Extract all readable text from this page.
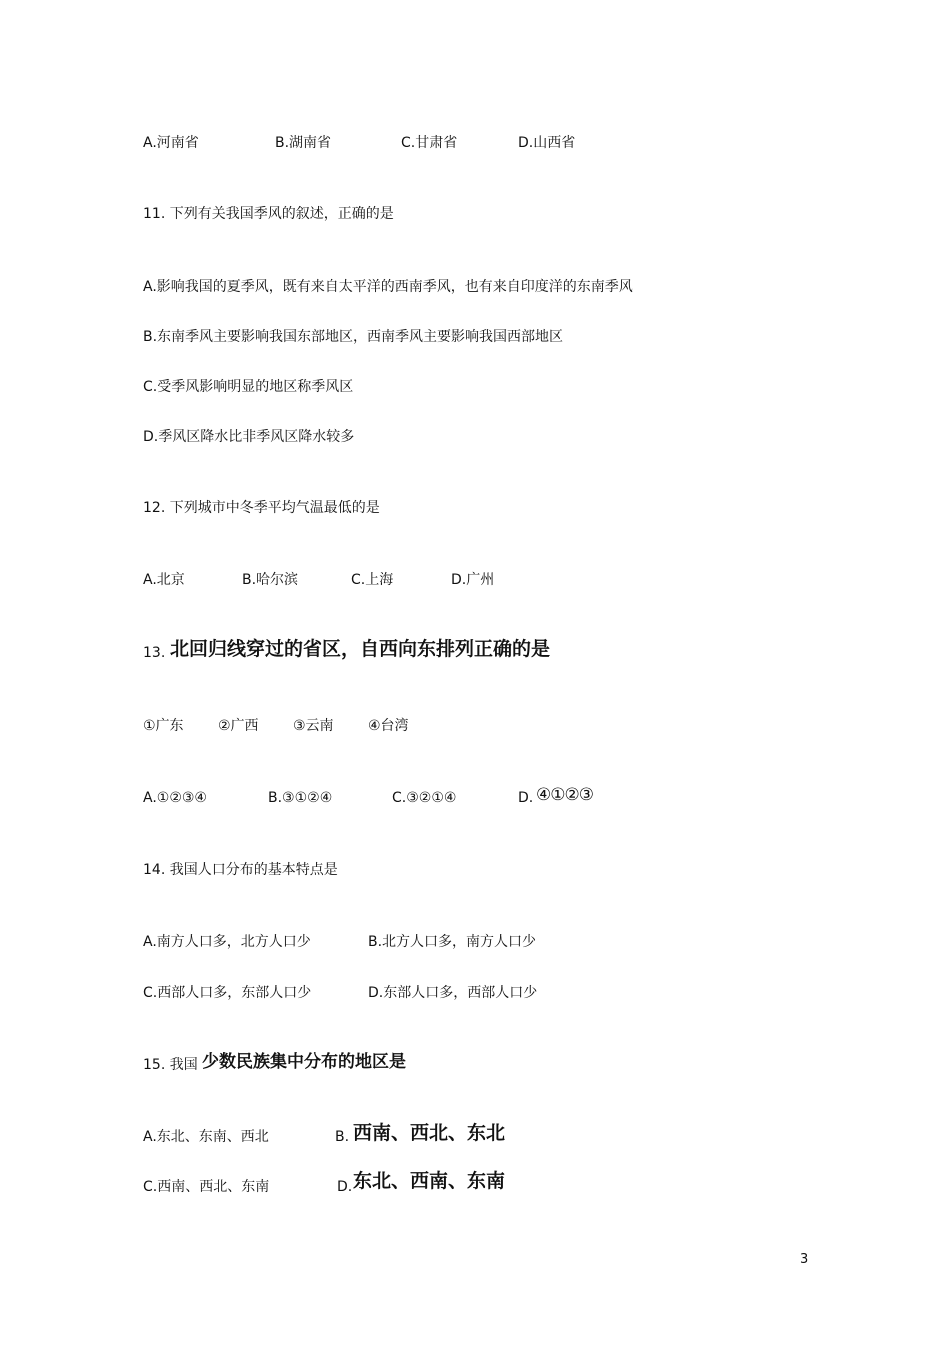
A.河南省	B.湖南省	C.甘肃省	D.山西省
11. 下列有关我国季风的叙述，正确的是
A.影响我国的夏季风，既有来自太平洋的西南季风，也有来自印度洋的东南季风
B.东南季风主要影响我国东部地区，西南季风主要影响我国西部地区
C.受季风影响明显的地区称季风区
D.季风区降水比非季风区降水较多
12. 下列城市中冬季平均气温最低的是
A.北京	B.哈尔滨	C.上海	D.广州
13. 北回归线穿过的省区，自西向东排列正确的是
①广东 ②广西 ③云南 ④台湾
A.①②③④	B.③①②④	C.③②①④	D. ④①②③
14. 我国人口分布的基本特点是
A.南方人口多，北方人口少	B.北方人口多，南方人口少
C.西部人口多，东部人口少	D.东部人口多，西部人口少
15. 我国 少数民族集中分布的地区是
A.东北、东南、西北	B. 西南、西北、东北
C.西南、西北、东南	D. 东北、西南、东南
3
